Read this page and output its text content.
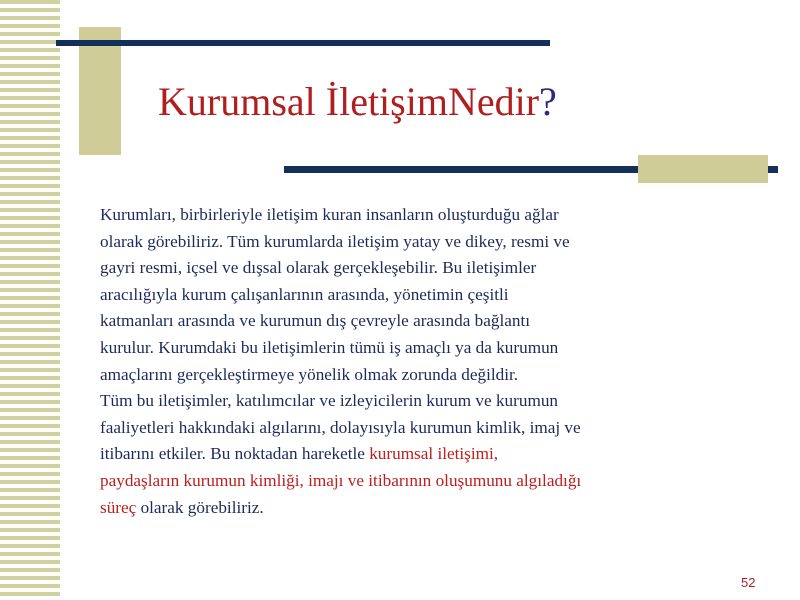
Kurumsal İletişimNedir?
Kurumları, birbirleriyle iletişim kuran insanların oluşturduğu ağlar
olarak görebiliriz. Tüm kurumlarda iletişim yatay ve dikey, resmi ve
gayri resmi, içsel ve dışsal olarak gerçekleşebilir. Bu iletişimler
aracılığıyla kurum çalışanlarının arasında, yönetimin çeşitli
katmanları arasında ve kurumun dış çevreyle arasında bağlantı
kurulur. Kurumdaki bu iletişimlerin tümü iş amaçlı ya da kurumun
amaçlarını gerçekleştirmeye yönelik olmak zorunda değildir.
Tüm bu iletişimler, katılımcılar ve izleyicilerin kurum ve kurumun
faaliyetleri hakkındaki algılarını, dolayısıyla kurumun kimlik, imaj ve
itibarını etkiler. Bu noktadan hareketle kurumsal iletişimi,
paydaşların kurumun kimliği, imajı ve itibarının oluşumunu algıladığı
süreç olarak görebiliriz.
52
